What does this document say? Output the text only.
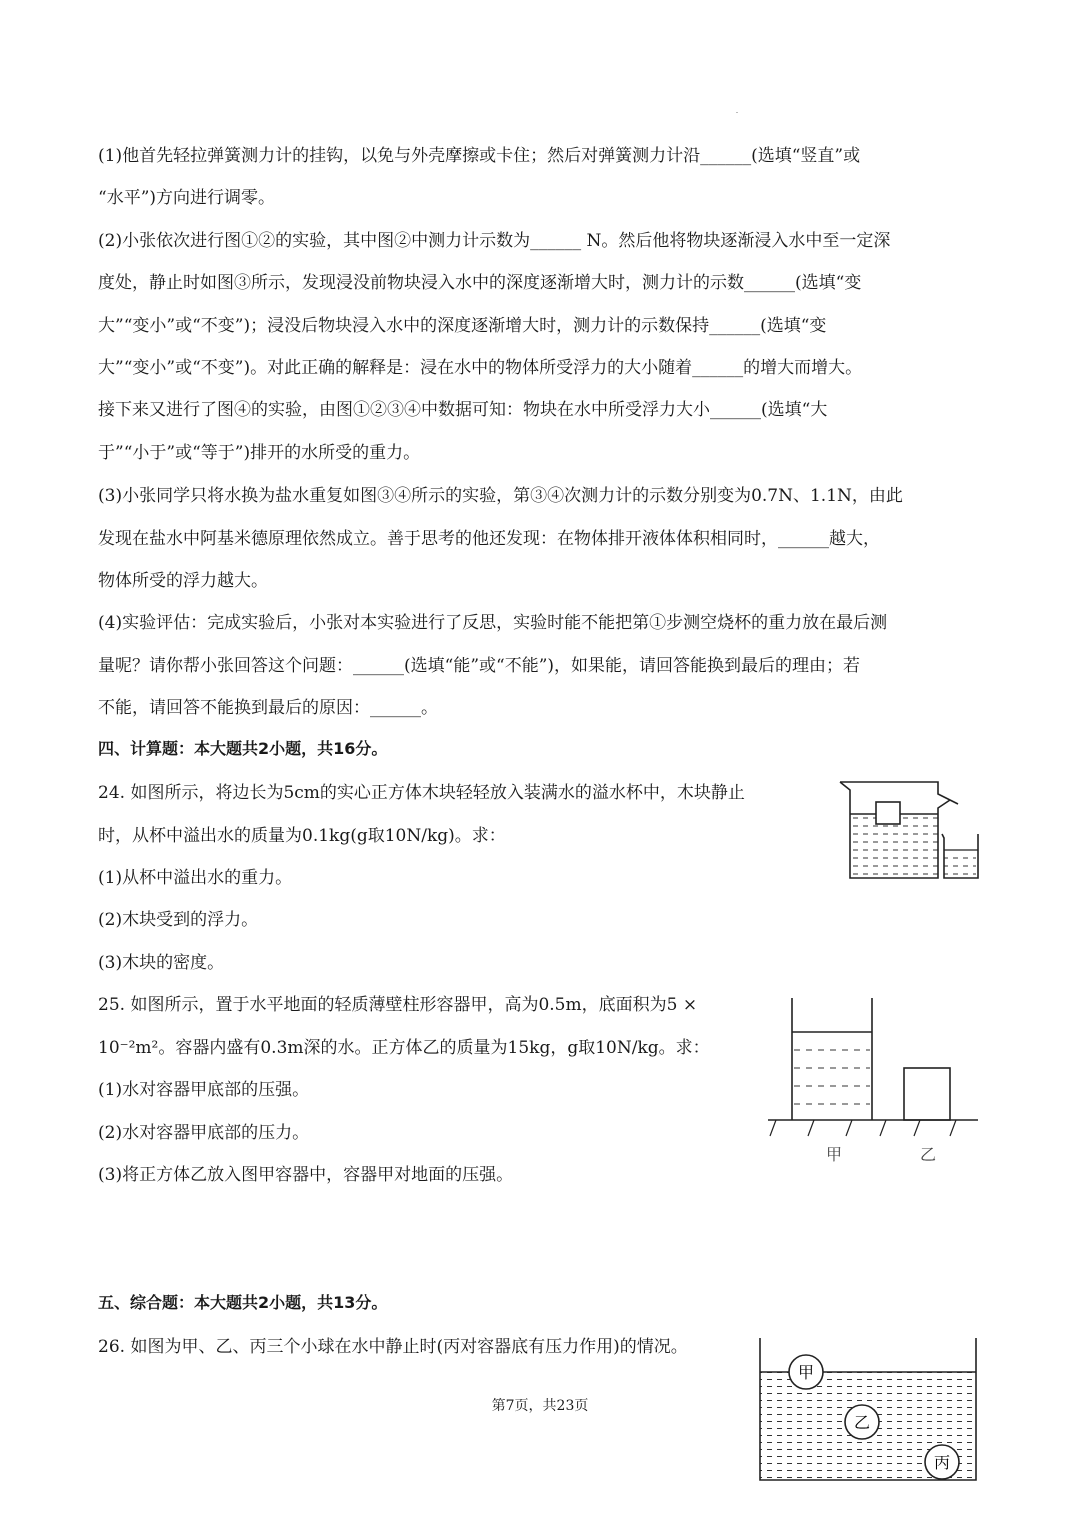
(1)他首先轻拉弹簧测力计的挂钩，以免与外壳摩擦或卡住；然后对弹簧测力计沿______(选填“竖直”或
“水平”)方向进行调零。
(2)小张依次进行图①②的实验，其中图②中测力计示数为______ N。然后他将物块逐渐浸入水中至一定深
度处，静止时如图③所示，发现浸没前物块浸入水中的深度逐渐增大时，测力计的示数______(选填“变
大”“变小”或“不变”)；浸没后物块浸入水中的深度逐渐增大时，测力计的示数保持______(选填“变
大”“变小”或“不变”)。对此正确的解释是：浸在水中的物体所受浮力的大小随着______的增大而增大。
接下来又进行了图④的实验，由图①②③④中数据可知：物块在水中所受浮力大小______(选填“大
于”“小于”或“等于”)排开的水所受的重力。
(3)小张同学只将水换为盐水重复如图③④所示的实验，第③④次测力计的示数分别变为0.7N、1.1N，由此
发现在盐水中阿基米德原理依然成立。善于思考的他还发现：在物体排开液体体积相同时，______越大，
物体所受的浮力越大。
(4)实验评估：完成实验后，小张对本实验进行了反思，实验时能不能把第①步测空烧杯的重力放在最后测
量呢？请你帮小张回答这个问题：______(选填“能”或“不能”)，如果能，请回答能换到最后的理由；若
不能，请回答不能换到最后的原因：______。
四、计算题：本大题共2小题，共16分。
24. 如图所示，将边长为5cm的实心正方体木块轻轻放入装满水的溢水杯中，木块静止
时，从杯中溢出水的质量为0.1kg(g取10N/kg)。求：
(1)从杯中溢出水的重力。
(2)木块受到的浮力。
(3)木块的密度。
25. 如图所示，置于水平地面的轻质薄壁柱形容器甲，高为0.5m，底面积为5 ×
10⁻²m²。容器内盛有0.3m深的水。正方体乙的质量为15kg，g取10N/kg。求：
(1)水对容器甲底部的压强。
(2)水对容器甲底部的压力。
(3)将正方体乙放入图甲容器中，容器甲对地面的压强。
甲	乙
五、综合题：本大题共2小题，共13分。
26. 如图为甲、乙、丙三个小球在水中静止时(丙对容器底有压力作用)的情况。
甲
乙
丙
第7页，共23页
